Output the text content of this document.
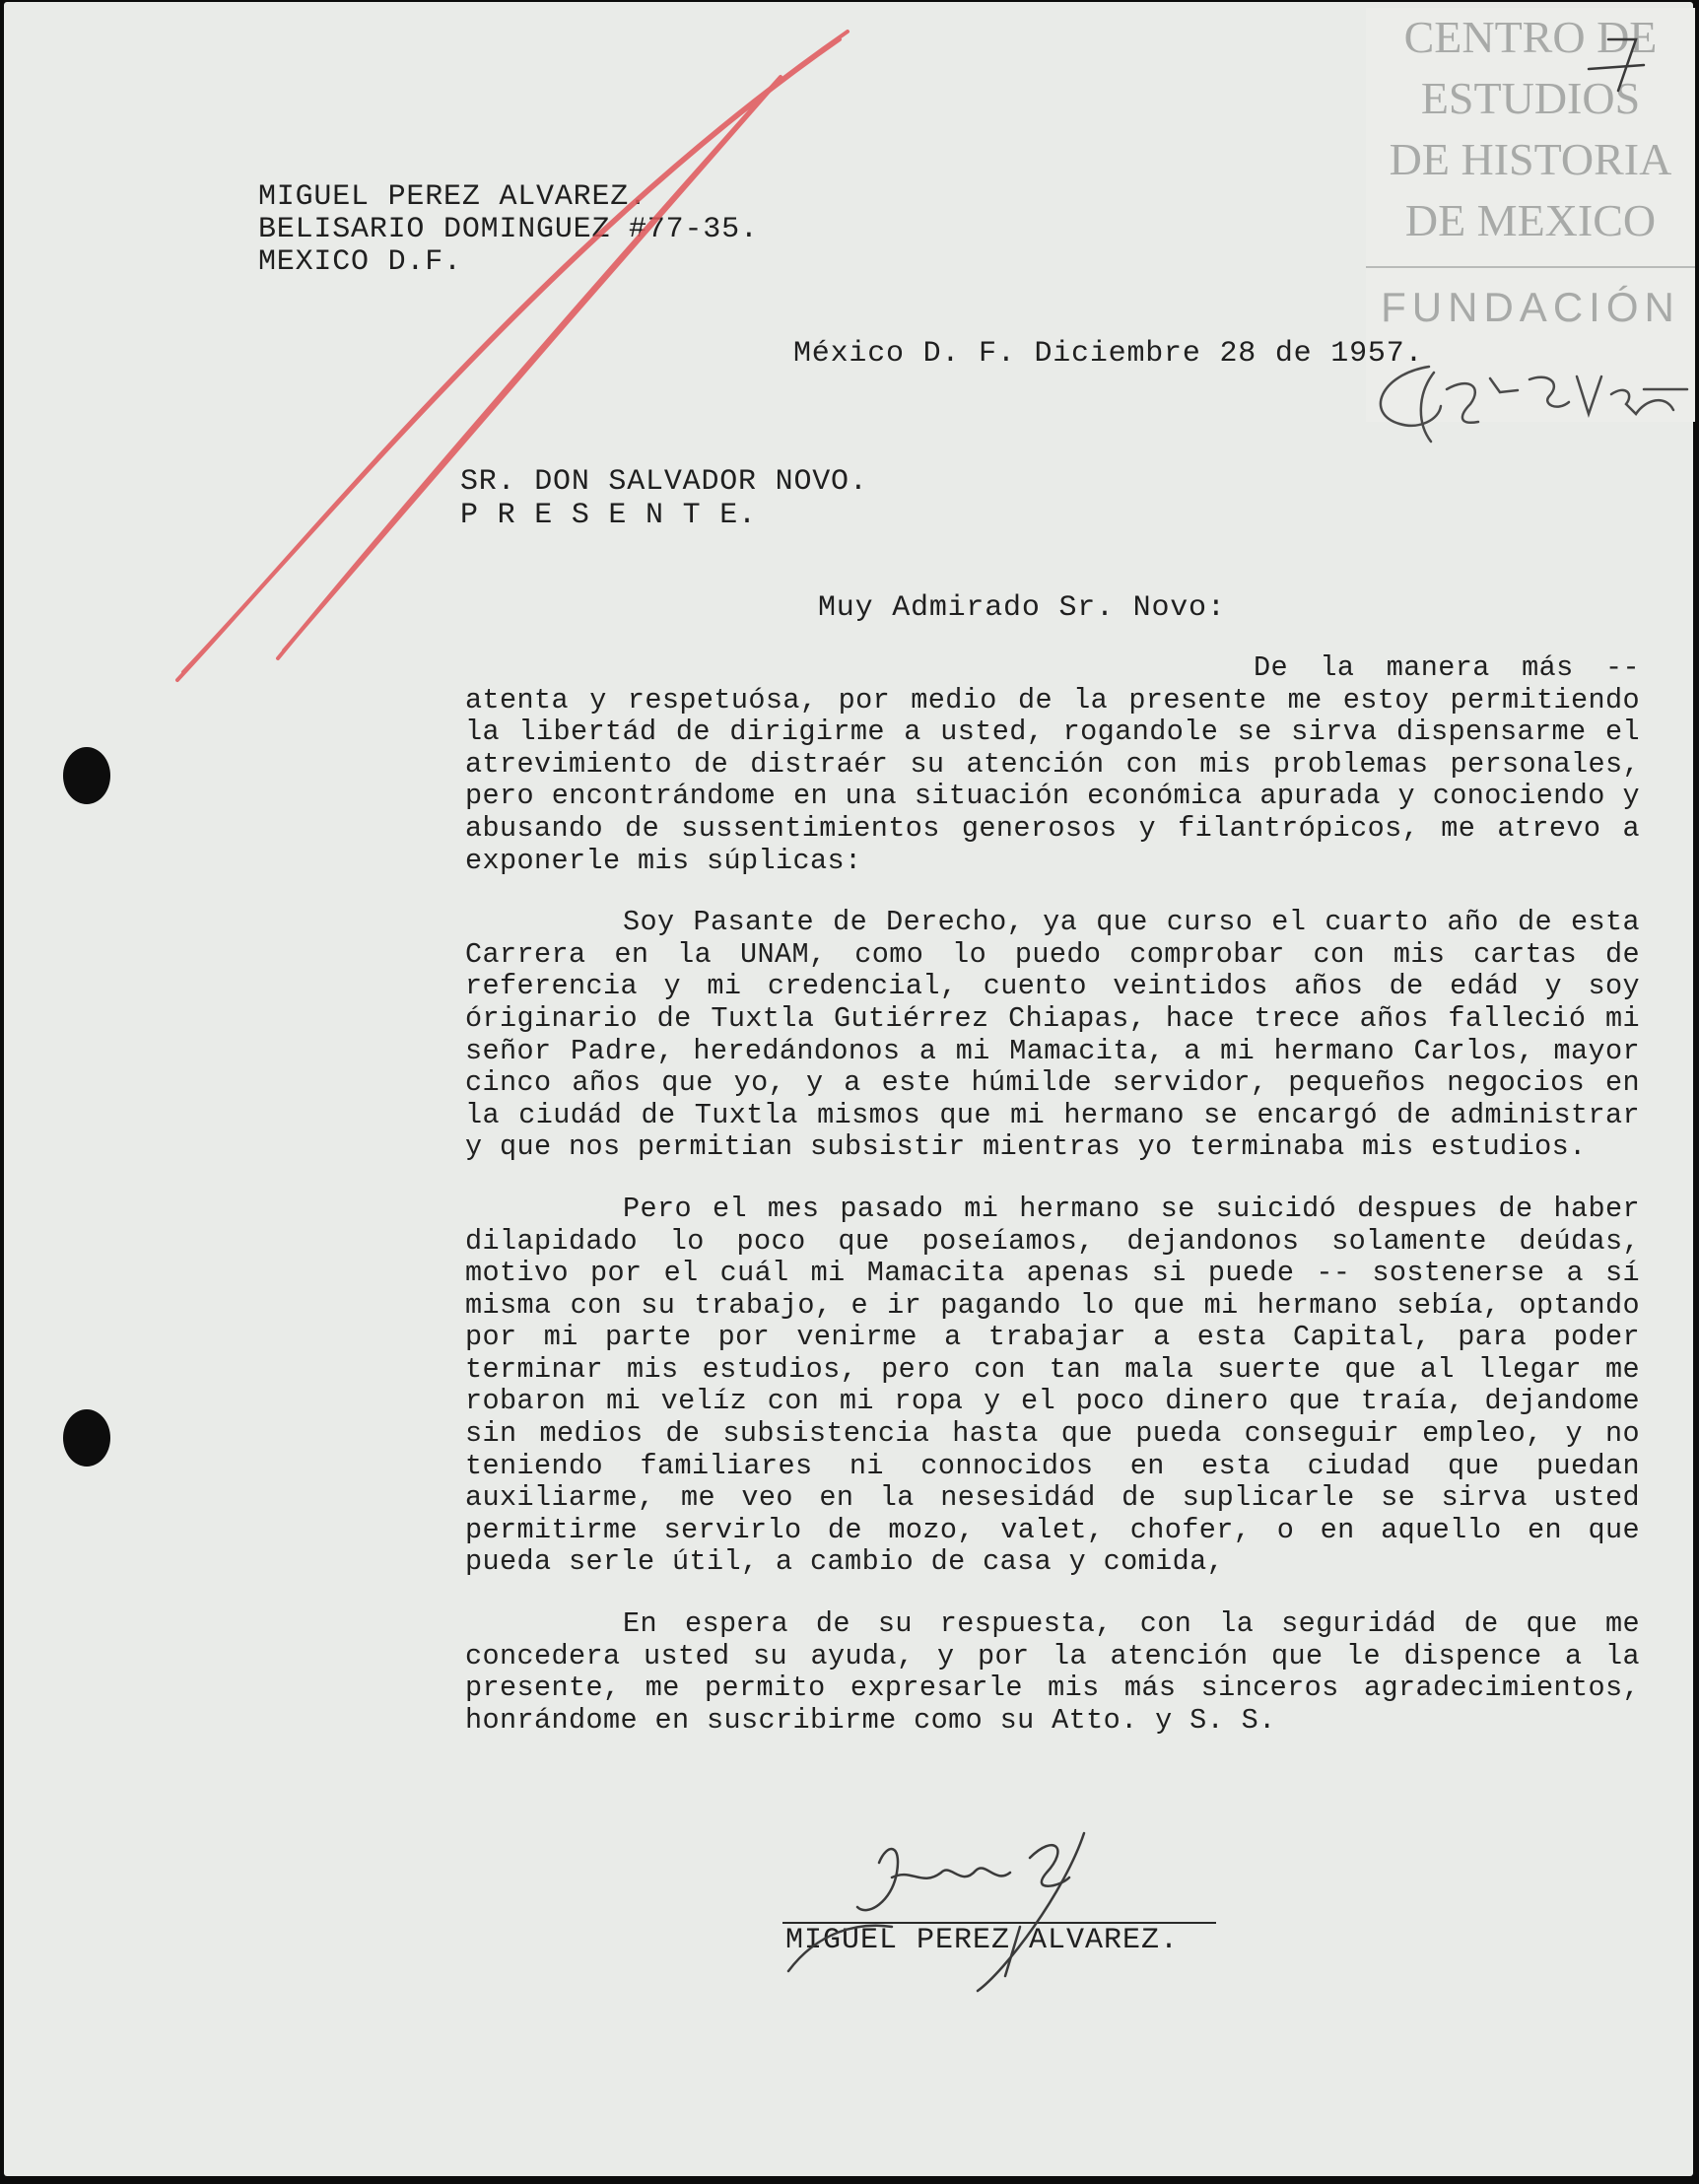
CENTRO DE
ESTUDIOS
DE HISTORIA
DE MEXICO
FUNDACIÓN
MIGUEL PEREZ ALVAREZ.
BELISARIO DOMINGUEZ #77-35.
MEXICO D.F.
México D. F. Diciembre 28 de 1957.
SR. DON SALVADOR NOVO.
P R E S E N T E.
Muy Admirado Sr. Novo:

De la manera más -- atenta y respetuósa, por medio de la presente me estoy permitiendo la libertád de dirigirme a usted, rogandole se sirva dispensarme el atrevimiento de distraér su atención con mis problemas personales, pero encontrándome en una situación económica apurada y conociendo y abusando de sussentimientos generosos y filantrópicos, me atrevo a exponerle mis súplicas:

Soy Pasante de Derecho, ya que curso el cuarto año de esta Carrera en la UNAM, como lo puedo comprobar con mis cartas de referencia y mi credencial, cuento veintidos años de edád y soy óriginario de Tuxtla Gutiérrez Chiapas, hace trece años falleció mi señor Padre, heredándonos a mi Mamacita, a mi hermano Carlos, mayor cinco años que yo, y a este húmilde servidor, pequeños negocios en la ciudád de Tuxtla mismos que mi hermano se encargó de administrar y que nos permitian subsistir mientras yo terminaba mis estudios.

Pero el mes pasado mi hermano se suicidó despues de haber dilapidado lo poco que poseíamos, dejandonos solamente deúdas, motivo por el cuál mi Mamacita apenas si puede -- sostenerse a sí misma con su trabajo, e ir pagando lo que mi hermano sebía, optando por mi parte por venirme a trabajar a esta Capital, para poder terminar mis estudios, pero con tan mala suerte que al llegar me robaron mi velíz con mi ropa y el poco dinero que traía, dejandome sin medios de subsistencia hasta que pueda conseguir empleo, y no teniendo familiares ni connocidos en esta ciudad que puedan auxiliarme, me veo en la nesesidád de suplicarle se sirva usted permitirme servirlo de mozo, valet, chofer, o en aquello en que pueda serle útil, a cambio de casa y comida,

En espera de su respuesta, con la seguridád de que me concedera usted su ayuda, y por la atención que le dispence a la presente, me permito expresarle mis más sinceros agradecimientos, honrándome en suscribirme como su Atto. y S. S.

MIGUEL PEREZ ALVAREZ.
